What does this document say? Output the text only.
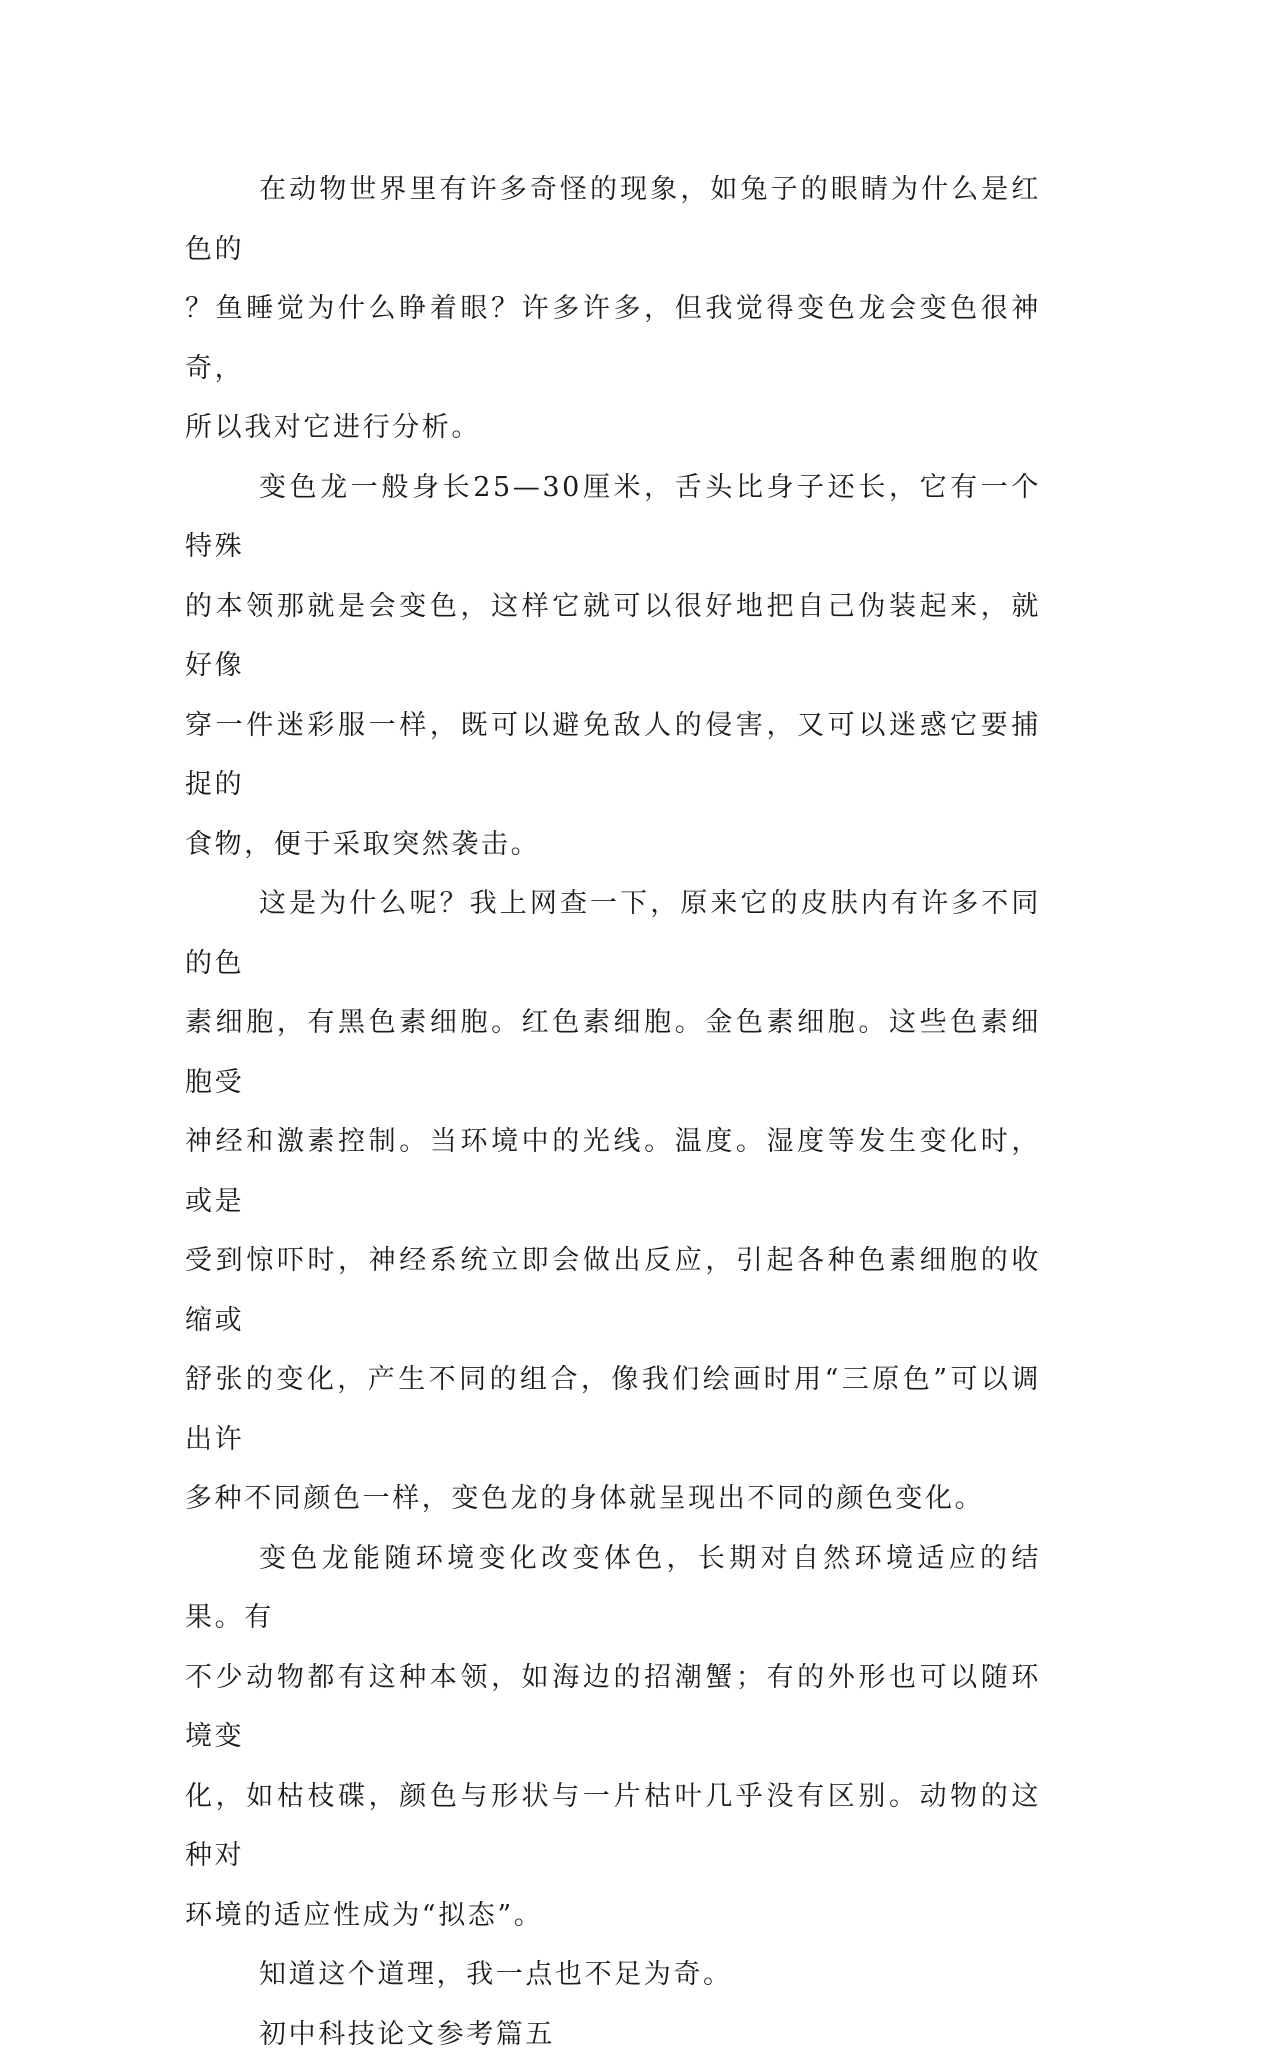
在动物世界里有许多奇怪的现象，如兔子的眼睛为什么是红色的
？鱼睡觉为什么睁着眼？许多许多，但我觉得变色龙会变色很神奇，
所以我对它进行分析。

变色龙一般身长25—30厘米，舌头比身子还长，它有一个特殊
的本领那就是会变色，这样它就可以很好地把自己伪装起来，就好像
穿一件迷彩服一样，既可以避免敌人的侵害，又可以迷惑它要捕捉的
食物，便于采取突然袭击。

这是为什么呢？我上网查一下，原来它的皮肤内有许多不同的色
素细胞，有黑色素细胞。红色素细胞。金色素细胞。这些色素细胞受
神经和激素控制。当环境中的光线。温度。湿度等发生变化时，或是
受到惊吓时，神经系统立即会做出反应，引起各种色素细胞的收缩或
舒张的变化，产生不同的组合，像我们绘画时用“三原色”可以调出许
多种不同颜色一样，变色龙的身体就呈现出不同的颜色变化。

变色龙能随环境变化改变体色，长期对自然环境适应的结果。有
不少动物都有这种本领，如海边的招潮蟹；有的外形也可以随环境变
化，如枯枝碟，颜色与形状与一片枯叶几乎没有区别。动物的这种对
环境的适应性成为“拟态”。

知道这个道理，我一点也不足为奇。

初中科技论文参考篇五
